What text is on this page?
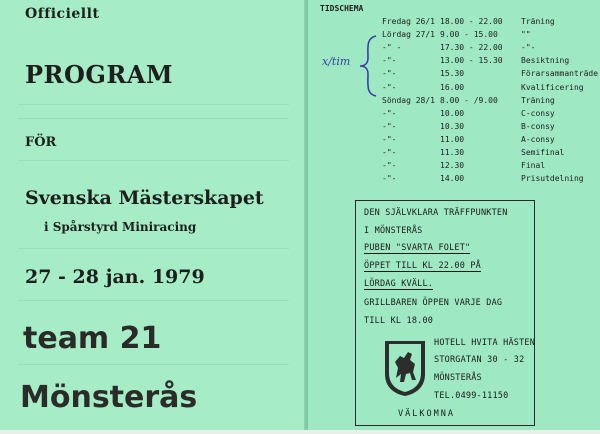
Officiellt
PROGRAM
FÖR
Svenska Mästerskapet
i Spårstyrd Miniracing
27 - 28 jan. 1979
team 21
Mönsterås
TIDSCHEMA
x/tim
Fredag 26/1 18.00 - 22.00 Träning
Lördag 27/1 9.00 - 15.00	""
-" -	17.30 - 22.00 -"-
-"-	13.00 - 15.30 Besiktning
-"-	15.30	Förarsammanträde
-"-	16.00	Kvalificering
Söndag 28/1 8.00 - /9.00	Träning
-"-	10.00	C-consy
-"-	10.30	B-consy
-"-	11.00	A-consy
-"-	11.30	Semifinal
-"-	12.30	Final
-"-	14.00	Prisutdelning
DEN SJÄLVKLARA TRÄFFPUNKTEN
I MÖNSTERÅS
PUBEN "SVARTA FOLET"
ÖPPET TILL KL 22.00 PÅ
LÖRDAG KVÄLL.
GRILLBAREN ÖPPEN VARJE DAG
TILL KL 18.00
HOTELL HVITA HÄSTEN
STORGATAN 30 - 32
MÖNSTERÅS
TEL.0499-11150
VÄLKOMNA
